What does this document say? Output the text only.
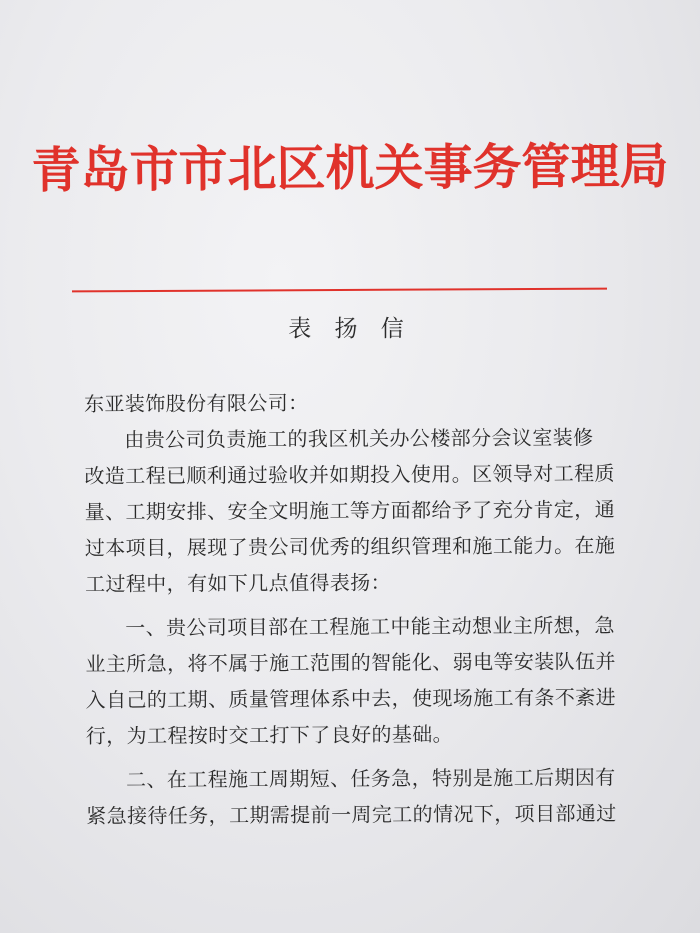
青岛市市北区机关事务管理局
表 扬 信
东亚装饰股份有限公司：
由贵公司负责施工的我区机关办公楼部分会议室装修
改造工程已顺利通过验收并如期投入使用。区领导对工程质
量、工期安排、安全文明施工等方面都给予了充分肯定，通
过本项目，展现了贵公司优秀的组织管理和施工能力。在施
工过程中，有如下几点值得表扬：
一、贵公司项目部在工程施工中能主动想业主所想，急
业主所急，将不属于施工范围的智能化、弱电等安装队伍并
入自己的工期、质量管理体系中去，使现场施工有条不紊进
行，为工程按时交工打下了良好的基础。
二、在工程施工周期短、任务急，特别是施工后期因有
紧急接待任务，工期需提前一周完工的情况下，项目部通过
